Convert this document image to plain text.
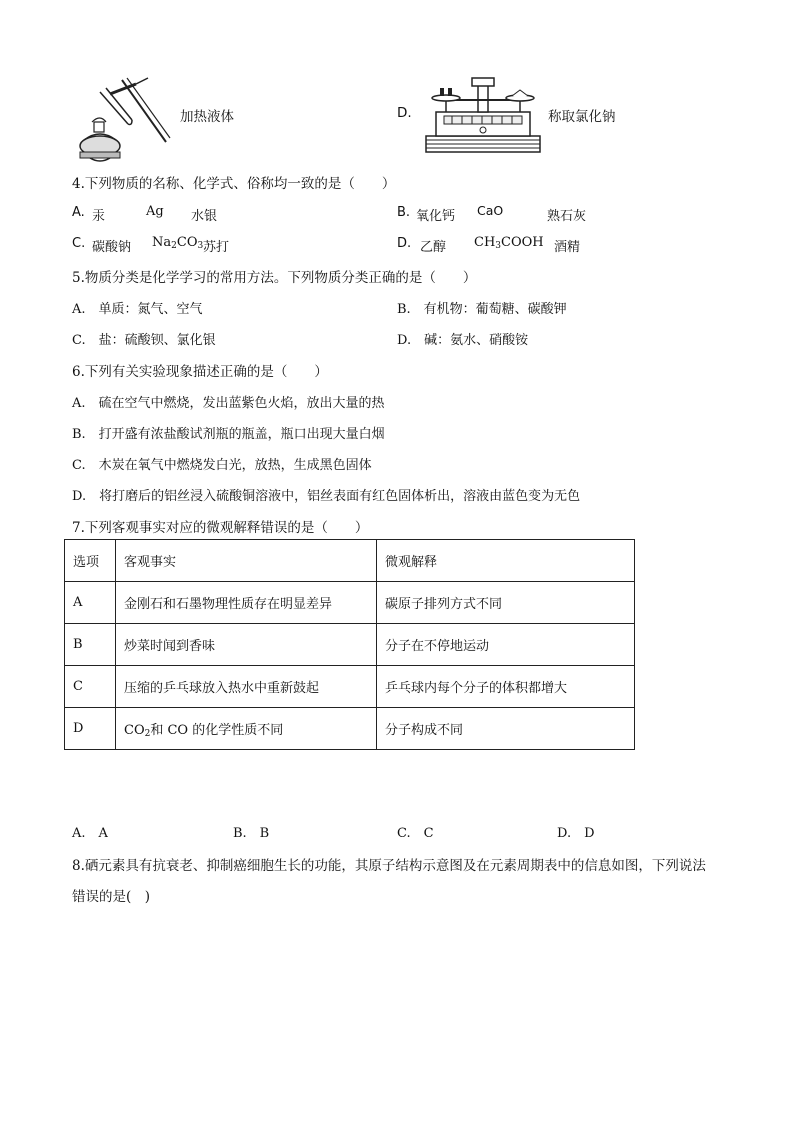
加热液体	D.	称取氯化钠
4.下列物质的名称、化学式、俗称均一致的是（　　）
A. 汞	Ag 水银	B. 氧化钙 CaO	熟石灰
C. 碳酸钠 $Na_2CO_3$ 苏打	D. 乙醇 $CH_3COOH$ 酒精
5.物质分类是化学学习的常用方法。下列物质分类正确的是（　　）
A.　单质：氮气、空气	B.　有机物：葡萄糖、碳酸钾
C.　盐：硫酸钡、氯化银	D.　碱：氨水、硝酸铵
6.下列有关实验现象描述正确的是（　　）
A.　硫在空气中燃烧，发出蓝紫色火焰，放出大量的热
B.　打开盛有浓盐酸试剂瓶的瓶盖，瓶口出现大量白烟
C.　木炭在氧气中燃烧发白光，放热，生成黑色固体
D.　将打磨后的铝丝浸入硫酸铜溶液中，铝丝表面有红色固体析出，溶液由蓝色变为无色
7.下列客观事实对应的微观解释错误的是（　　）
选项	客观事实	微观解释
A	金刚石和石墨物理性质存在明显差异	碳原子排列方式不同
B	炒菜时闻到香味	分子在不停地运动
C	压缩的乒乓球放入热水中重新鼓起	乒乓球内每个分子的体积都增大
D	$CO_2$和 CO 的化学性质不同	分子构成不同
A.　A	B.　B	C.　C	D.　D
8.硒元素具有抗衰老、抑制癌细胞生长的功能，其原子结构示意图及在元素周期表中的信息如图，下列说法
错误的是(　)
